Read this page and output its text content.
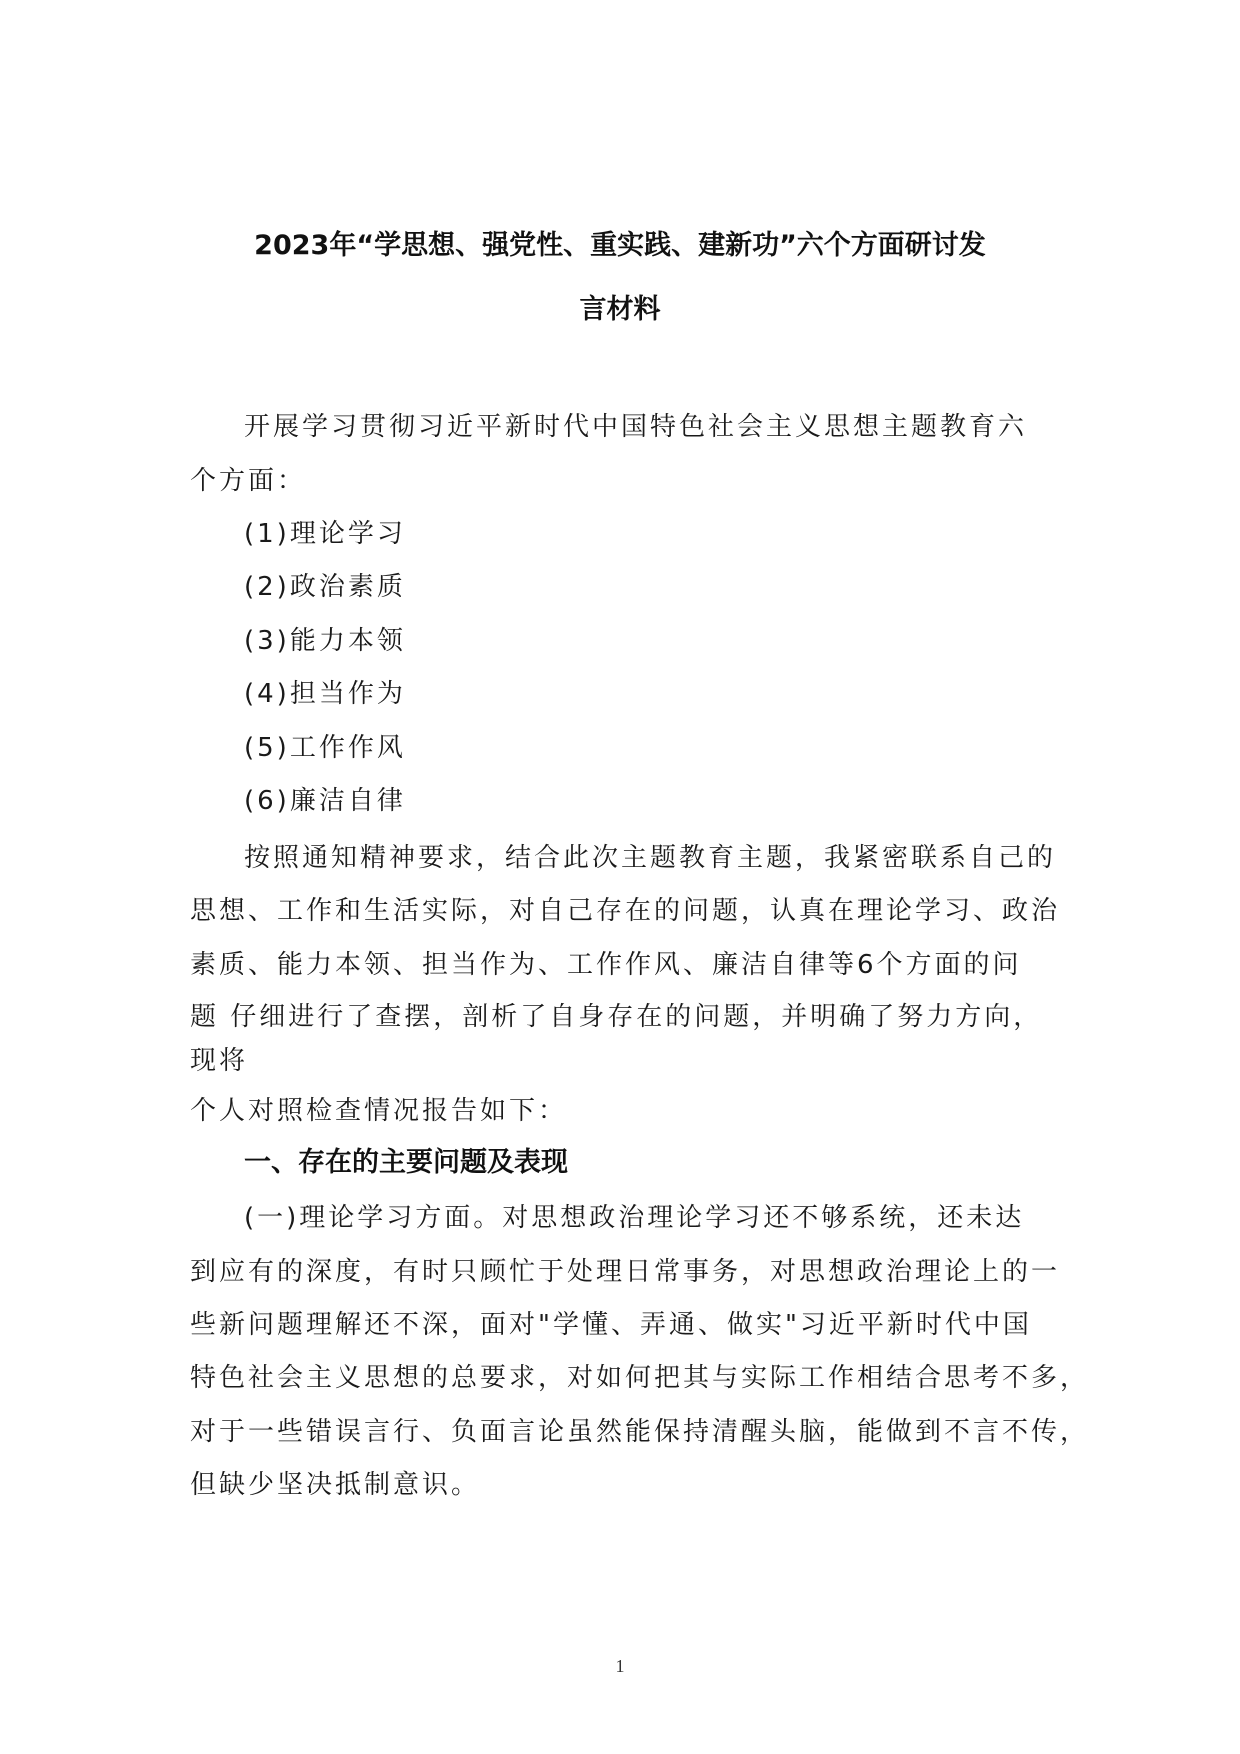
2023年“学思想、强党性、重实践、建新功”六个方面研讨发
言材料
开展学习贯彻习近平新时代中国特色社会主义思想主题教育六
个方面：
(1)理论学习
(2)政治素质
(3)能力本领
(4)担当作为
(5)工作作风
(6)廉洁自律
按照通知精神要求，结合此次主题教育主题，我紧密联系自己的
思想、工作和生活实际，对自己存在的问题，认真在理论学习、政治
素质、能力本领、担当作为、工作作风、廉洁自律等6个方面的问
题 仔细进行了查摆，剖析了自身存在的问题，并明确了努力方向，
现将
个人对照检查情况报告如下：
一、存在的主要问题及表现
(一)理论学习方面。对思想政治理论学习还不够系统，还未达
到应有的深度，有时只顾忙于处理日常事务，对思想政治理论上的一
些新问题理解还不深，面对"学懂、弄通、做实"习近平新时代中国
特色社会主义思想的总要求，对如何把其与实际工作相结合思考不多，
对于一些错误言行、负面言论虽然能保持清醒头脑，能做到不言不传，
但缺少坚决抵制意识。
1
